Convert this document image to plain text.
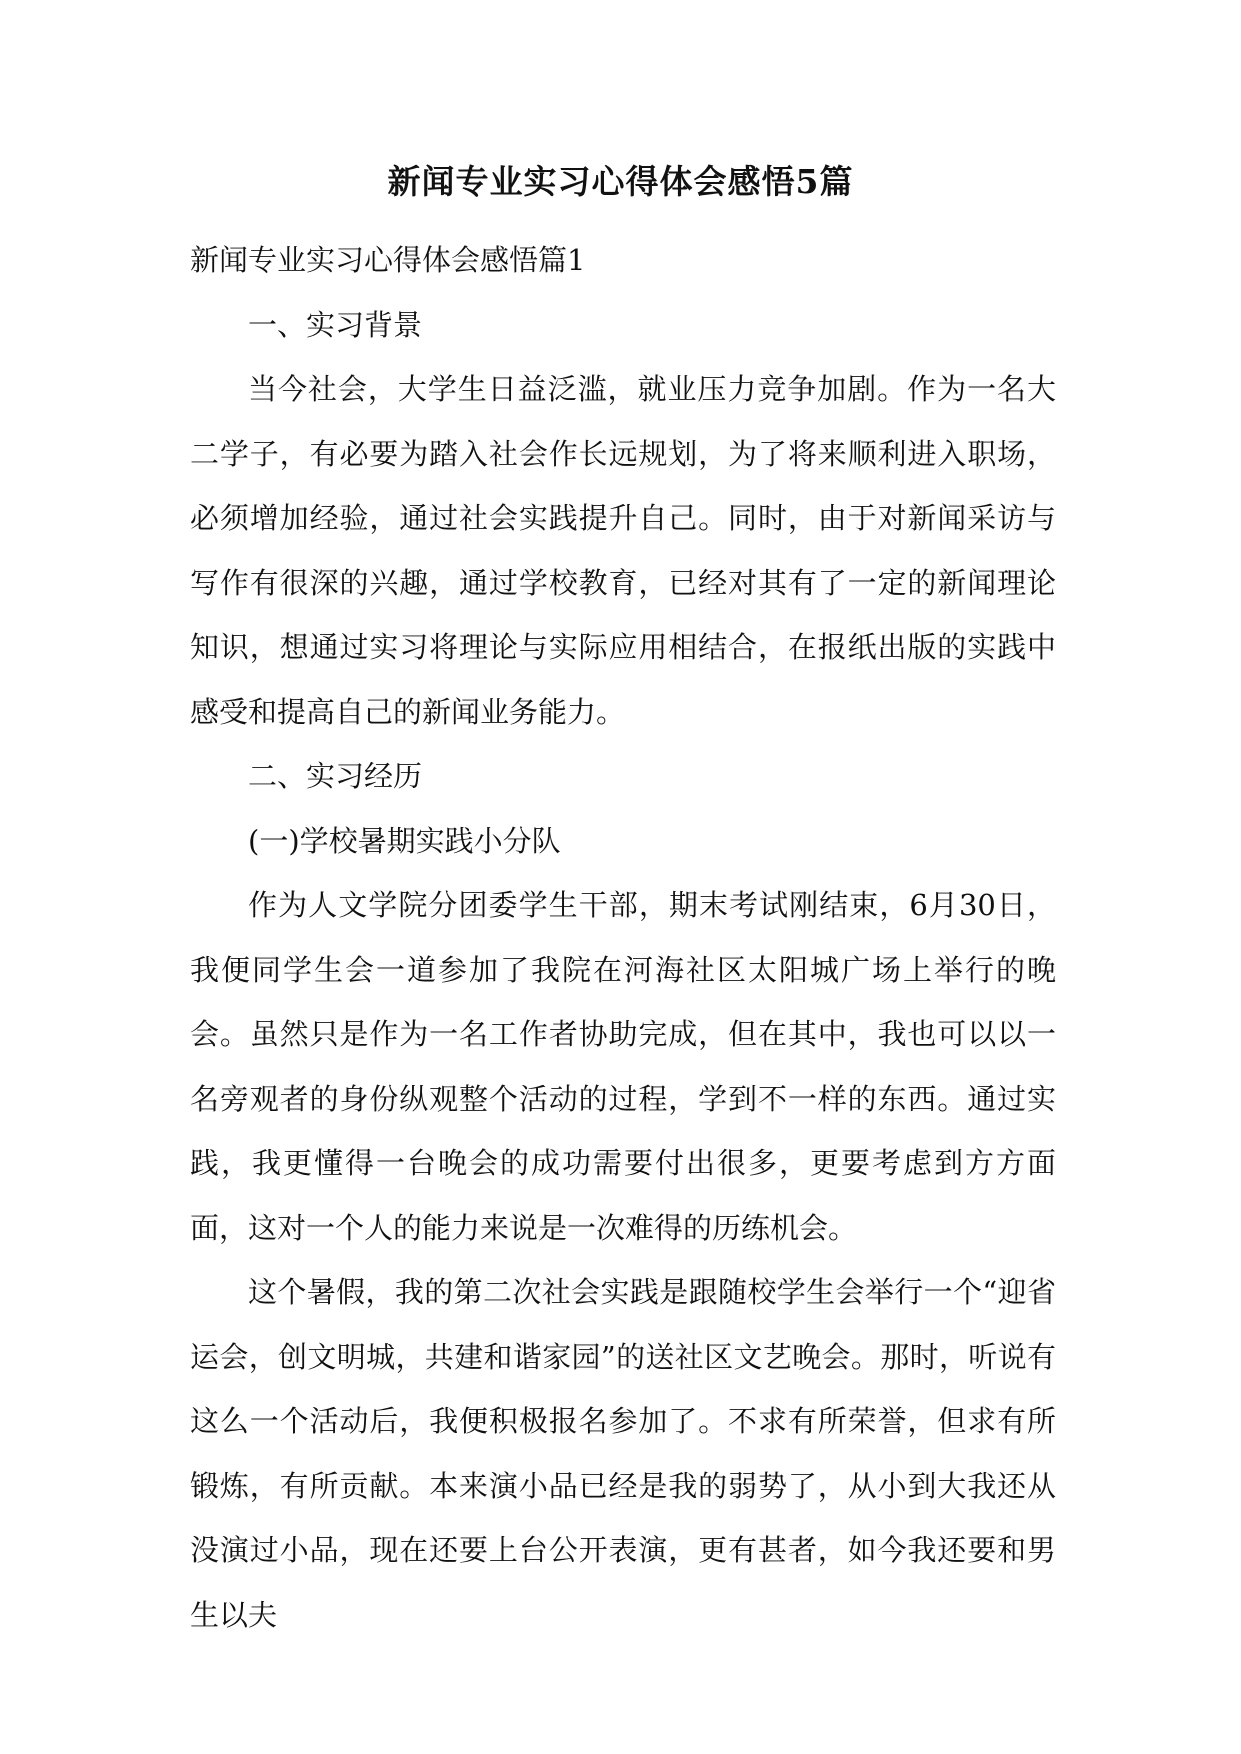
新闻专业实习心得体会感悟5篇

新闻专业实习心得体会感悟篇1

一、实习背景

当今社会，大学生日益泛滥，就业压力竞争加剧。作为一名大二学子，有必要为踏入社会作长远规划，为了将来顺利进入职场，必须增加经验，通过社会实践提升自己。同时，由于对新闻采访与写作有很深的兴趣，通过学校教育，已经对其有了一定的新闻理论知识，想通过实习将理论与实际应用相结合，在报纸出版的实践中感受和提高自己的新闻业务能力。

二、实习经历

(一)学校暑期实践小分队

作为人文学院分团委学生干部，期末考试刚结束，6月30日，我便同学生会一道参加了我院在河海社区太阳城广场上举行的晚会。虽然只是作为一名工作者协助完成，但在其中，我也可以以一名旁观者的身份纵观整个活动的过程，学到不一样的东西。通过实践，我更懂得一台晚会的成功需要付出很多，更要考虑到方方面面，这对一个人的能力来说是一次难得的历练机会。

这个暑假，我的第二次社会实践是跟随校学生会举行一个“迎省运会，创文明城，共建和谐家园”的送社区文艺晚会。那时，听说有这么一个活动后，我便积极报名参加了。不求有所荣誉，但求有所锻炼，有所贡献。本来演小品已经是我的弱势了，从小到大我还从没演过小品，现在还要上台公开表演，更有甚者，如今我还要和男生以夫
